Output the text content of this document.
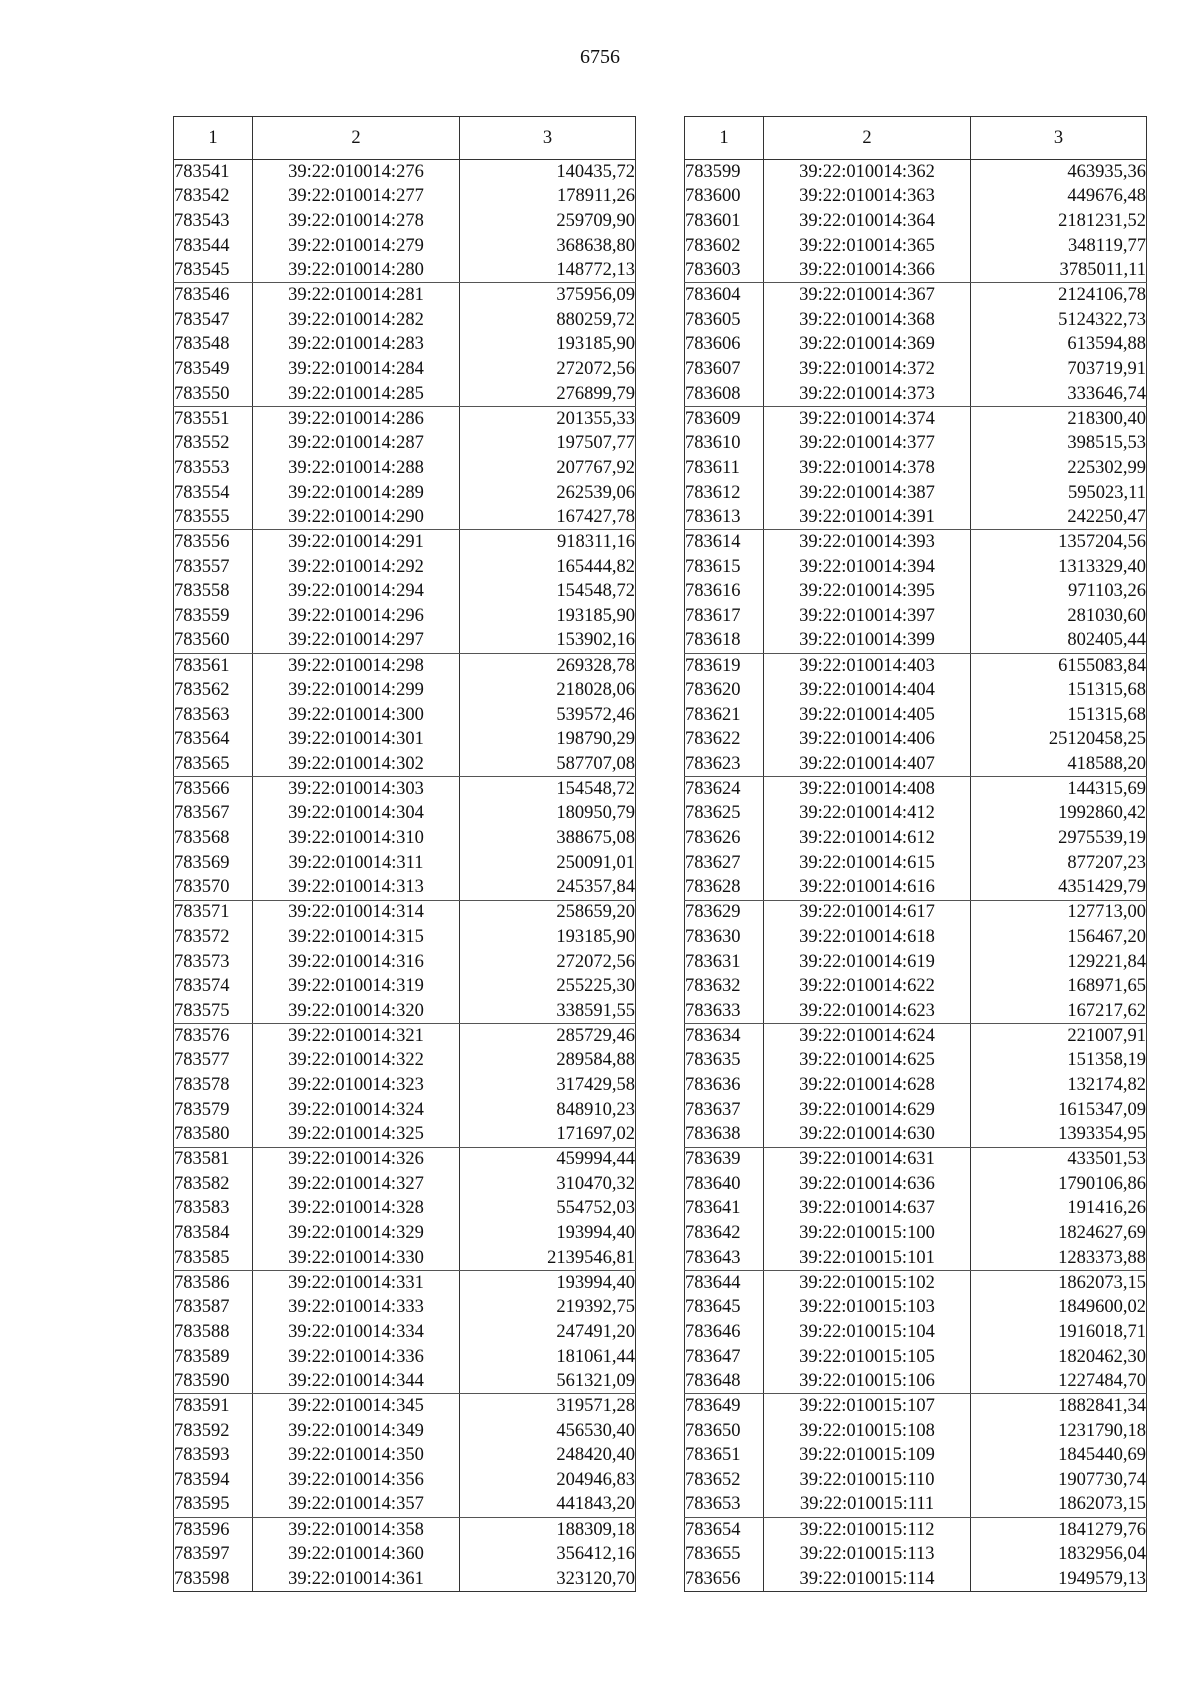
6756
1	2	3
783541	39:22:010014:276	140435,72
783542	39:22:010014:277	178911,26
783543	39:22:010014:278	259709,90
783544	39:22:010014:279	368638,80
783545	39:22:010014:280	148772,13
783546	39:22:010014:281	375956,09
783547	39:22:010014:282	880259,72
783548	39:22:010014:283	193185,90
783549	39:22:010014:284	272072,56
783550	39:22:010014:285	276899,79
783551	39:22:010014:286	201355,33
783552	39:22:010014:287	197507,77
783553	39:22:010014:288	207767,92
783554	39:22:010014:289	262539,06
783555	39:22:010014:290	167427,78
783556	39:22:010014:291	918311,16
783557	39:22:010014:292	165444,82
783558	39:22:010014:294	154548,72
783559	39:22:010014:296	193185,90
783560	39:22:010014:297	153902,16
783561	39:22:010014:298	269328,78
783562	39:22:010014:299	218028,06
783563	39:22:010014:300	539572,46
783564	39:22:010014:301	198790,29
783565	39:22:010014:302	587707,08
783566	39:22:010014:303	154548,72
783567	39:22:010014:304	180950,79
783568	39:22:010014:310	388675,08
783569	39:22:010014:311	250091,01
783570	39:22:010014:313	245357,84
783571	39:22:010014:314	258659,20
783572	39:22:010014:315	193185,90
783573	39:22:010014:316	272072,56
783574	39:22:010014:319	255225,30
783575	39:22:010014:320	338591,55
783576	39:22:010014:321	285729,46
783577	39:22:010014:322	289584,88
783578	39:22:010014:323	317429,58
783579	39:22:010014:324	848910,23
783580	39:22:010014:325	171697,02
783581	39:22:010014:326	459994,44
783582	39:22:010014:327	310470,32
783583	39:22:010014:328	554752,03
783584	39:22:010014:329	193994,40
783585	39:22:010014:330	2139546,81
783586	39:22:010014:331	193994,40
783587	39:22:010014:333	219392,75
783588	39:22:010014:334	247491,20
783589	39:22:010014:336	181061,44
783590	39:22:010014:344	561321,09
783591	39:22:010014:345	319571,28
783592	39:22:010014:349	456530,40
783593	39:22:010014:350	248420,40
783594	39:22:010014:356	204946,83
783595	39:22:010014:357	441843,20
783596	39:22:010014:358	188309,18
783597	39:22:010014:360	356412,16
783598	39:22:010014:361	323120,70
1	2	3
783599	39:22:010014:362	463935,36
783600	39:22:010014:363	449676,48
783601	39:22:010014:364	2181231,52
783602	39:22:010014:365	348119,77
783603	39:22:010014:366	3785011,11
783604	39:22:010014:367	2124106,78
783605	39:22:010014:368	5124322,73
783606	39:22:010014:369	613594,88
783607	39:22:010014:372	703719,91
783608	39:22:010014:373	333646,74
783609	39:22:010014:374	218300,40
783610	39:22:010014:377	398515,53
783611	39:22:010014:378	225302,99
783612	39:22:010014:387	595023,11
783613	39:22:010014:391	242250,47
783614	39:22:010014:393	1357204,56
783615	39:22:010014:394	1313329,40
783616	39:22:010014:395	971103,26
783617	39:22:010014:397	281030,60
783618	39:22:010014:399	802405,44
783619	39:22:010014:403	6155083,84
783620	39:22:010014:404	151315,68
783621	39:22:010014:405	151315,68
783622	39:22:010014:406	25120458,25
783623	39:22:010014:407	418588,20
783624	39:22:010014:408	144315,69
783625	39:22:010014:412	1992860,42
783626	39:22:010014:612	2975539,19
783627	39:22:010014:615	877207,23
783628	39:22:010014:616	4351429,79
783629	39:22:010014:617	127713,00
783630	39:22:010014:618	156467,20
783631	39:22:010014:619	129221,84
783632	39:22:010014:622	168971,65
783633	39:22:010014:623	167217,62
783634	39:22:010014:624	221007,91
783635	39:22:010014:625	151358,19
783636	39:22:010014:628	132174,82
783637	39:22:010014:629	1615347,09
783638	39:22:010014:630	1393354,95
783639	39:22:010014:631	433501,53
783640	39:22:010014:636	1790106,86
783641	39:22:010014:637	191416,26
783642	39:22:010015:100	1824627,69
783643	39:22:010015:101	1283373,88
783644	39:22:010015:102	1862073,15
783645	39:22:010015:103	1849600,02
783646	39:22:010015:104	1916018,71
783647	39:22:010015:105	1820462,30
783648	39:22:010015:106	1227484,70
783649	39:22:010015:107	1882841,34
783650	39:22:010015:108	1231790,18
783651	39:22:010015:109	1845440,69
783652	39:22:010015:110	1907730,74
783653	39:22:010015:111	1862073,15
783654	39:22:010015:112	1841279,76
783655	39:22:010015:113	1832956,04
783656	39:22:010015:114	1949579,13
